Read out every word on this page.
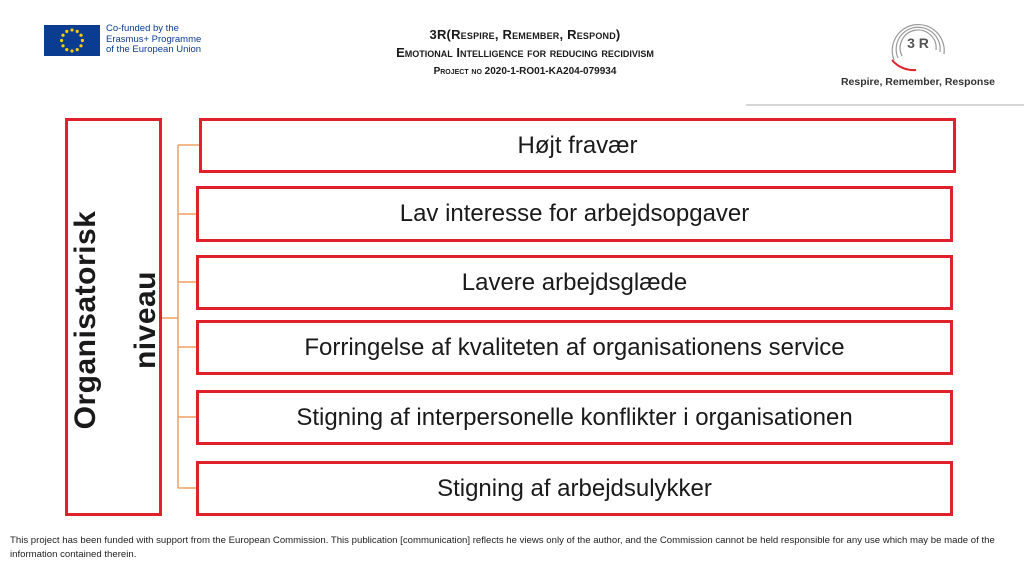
Co-funded by the
Erasmus+ Programme
of the European Union
3R(Respire, Remember, Respond)
Emotional Intelligence for reducing recidivism
Project no 2020-1-RO01-KA204-079934
3 R
Respire, Remember, Response
Organisatorisk niveau
Højt fravær
Lav interesse for arbejdsopgaver
Lavere arbejdsglæde
Forringelse af kvaliteten af organisationens service
Stigning af interpersonelle konflikter i organisationen
Stigning af arbejdsulykker
This project has been funded with support from the European Commission. This publication [communication] reflects he views only of the author, and the Commission cannot be held responsible for any use which may be made of the information contained therein.
